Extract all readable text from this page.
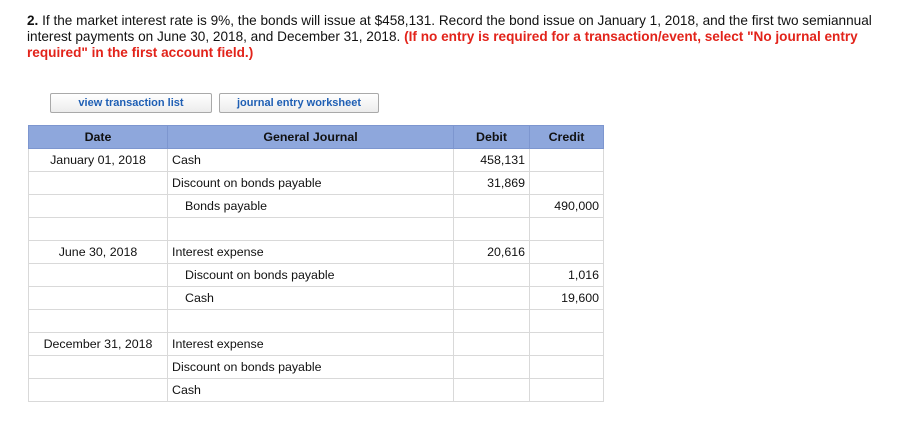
2. If the market interest rate is 9%, the bonds will issue at $458,131. Record the bond issue on January 1, 2018, and the first two semiannual interest payments on June 30, 2018, and December 31, 2018. (If no entry is required for a transaction/event, select "No journal entry required" in the first account field.)
view transaction list	journal entry worksheet
Date	General Journal	Debit	Credit
January 01, 2018	Cash	458,131	
	Discount on bonds payable	31,869	
	Bonds payable		490,000

June 30, 2018	Interest expense	20,616	
	Discount on bonds payable		1,016
	Cash		19,600

December 31, 2018	Interest expense		
	Discount on bonds payable		
	Cash		
